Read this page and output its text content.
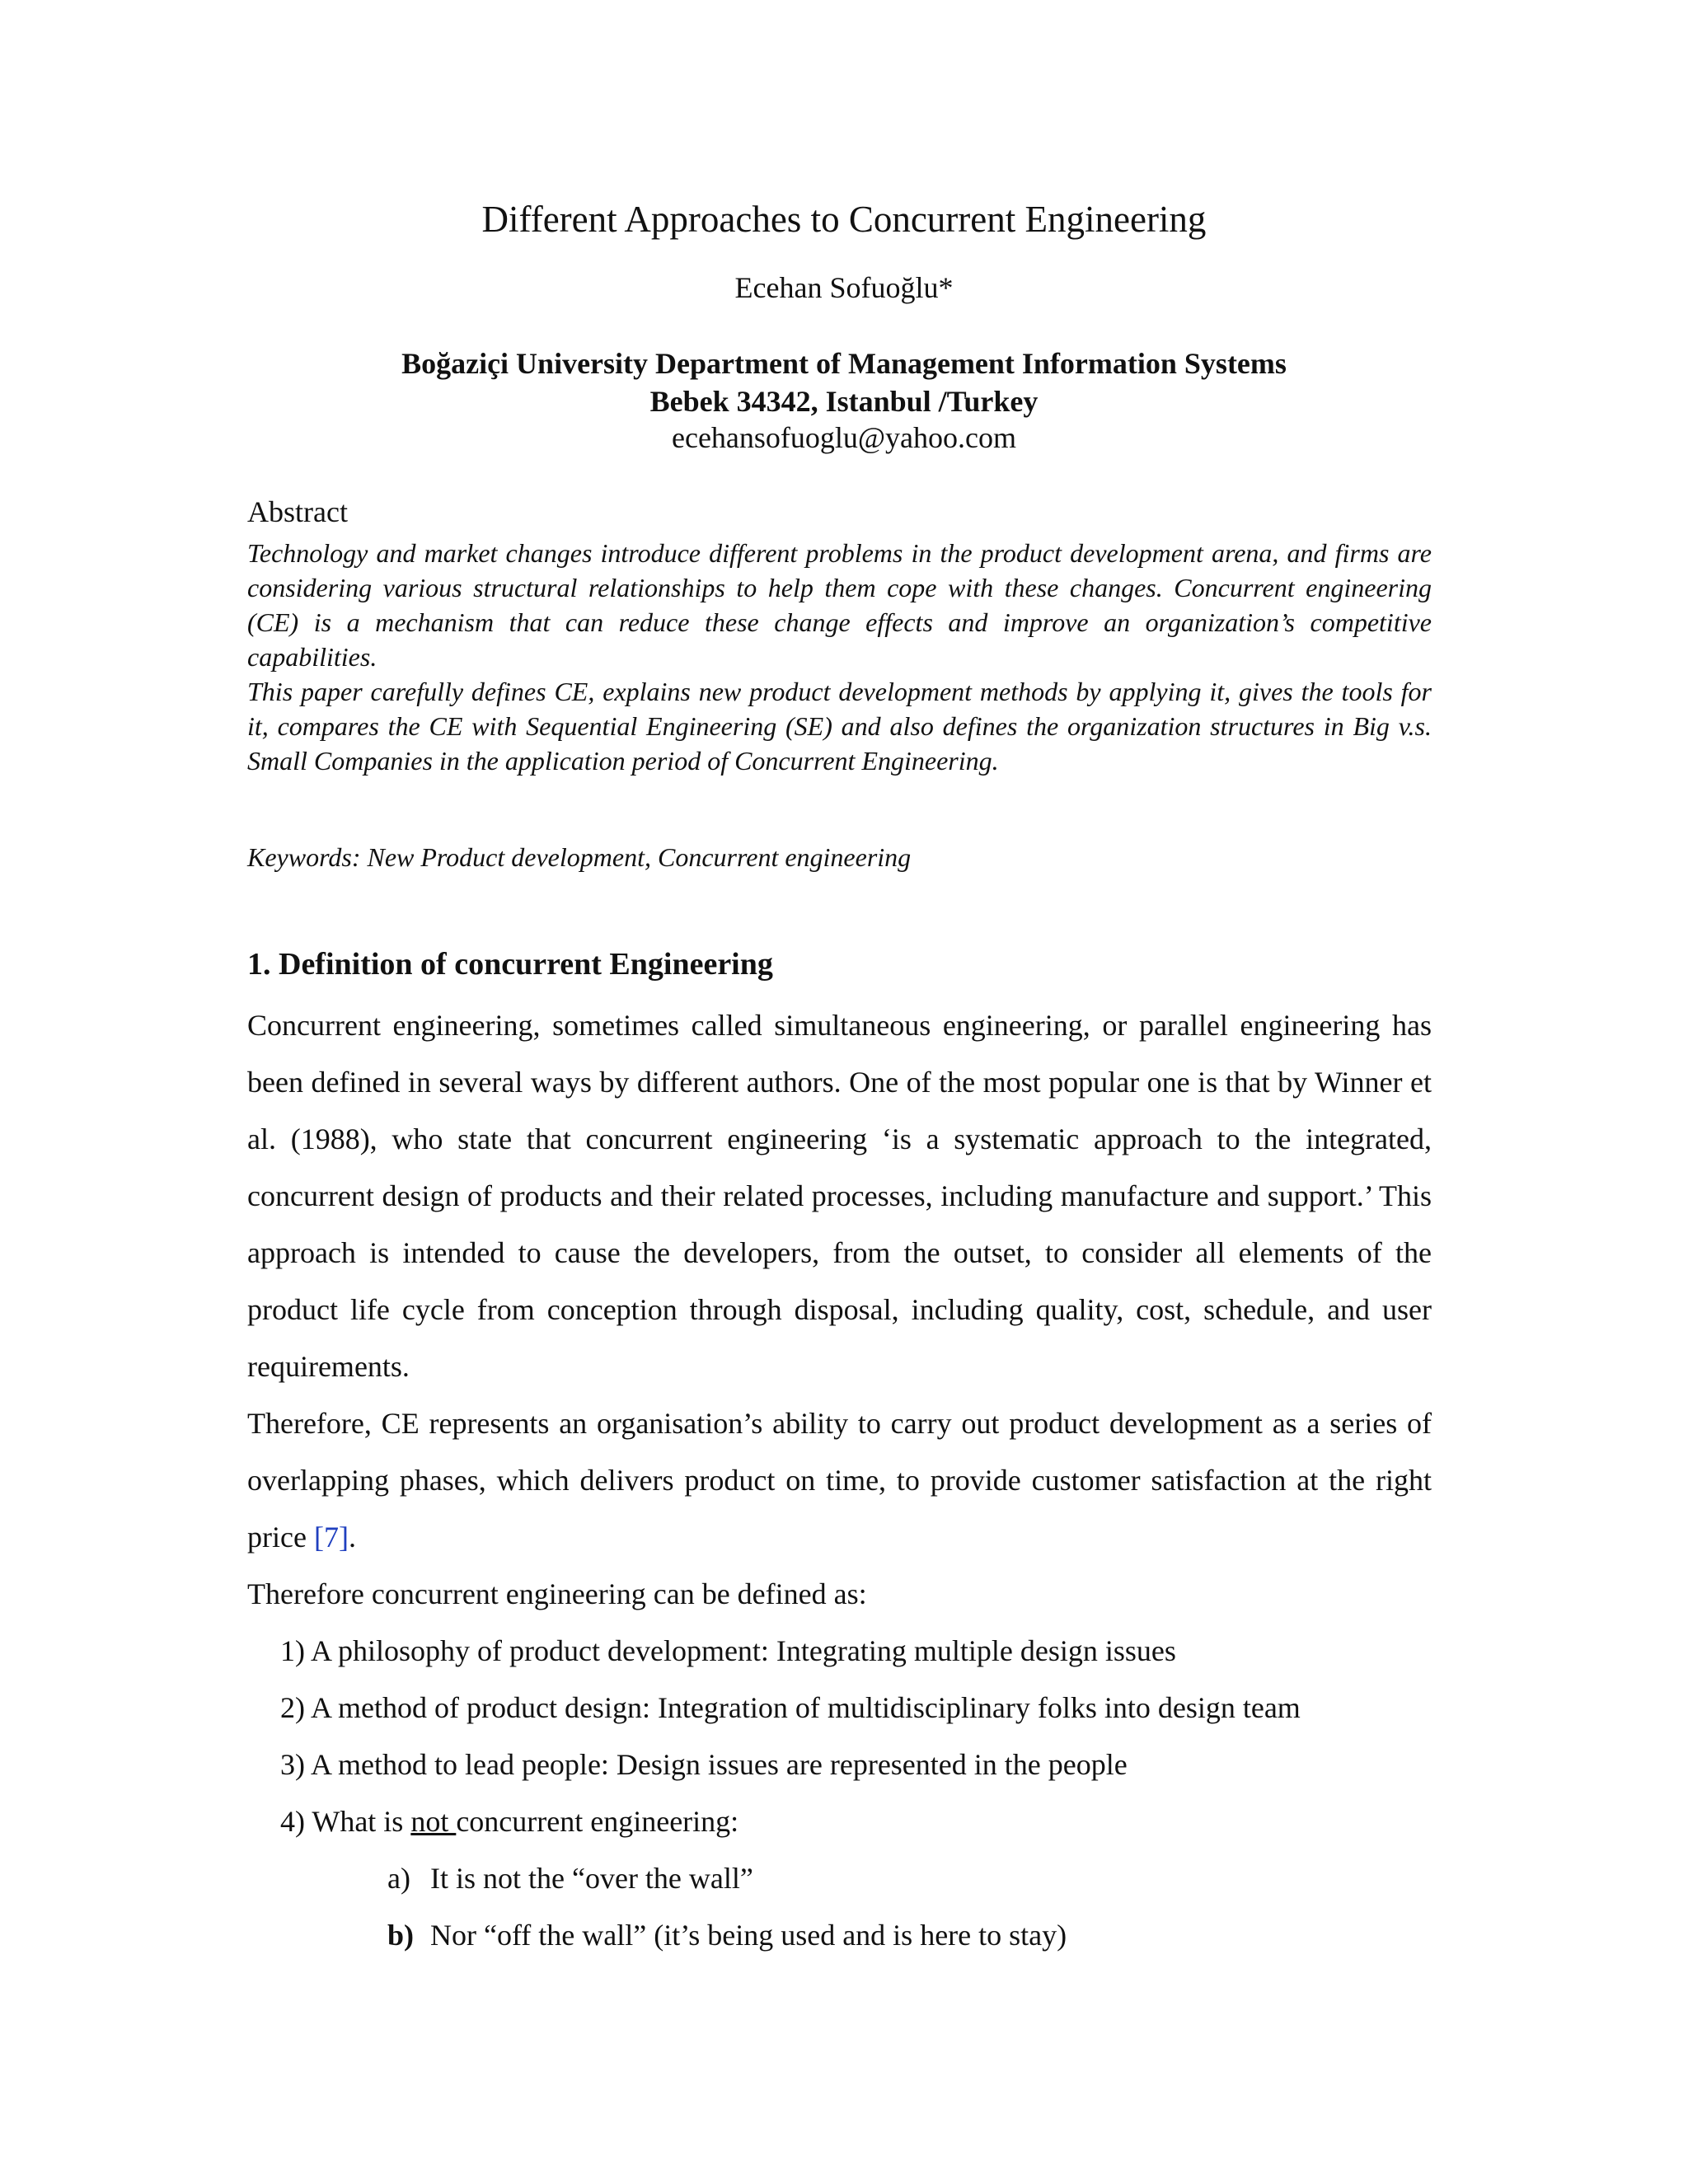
Different Approaches to Concurrent Engineering
Ecehan Sofuoğlu*
Boğaziçi University Department of Management Information Systems
Bebek 34342, Istanbul /Turkey
ecehansofuoglu@yahoo.com
Abstract

Technology and market changes introduce different problems in the product development arena, and firms are considering various structural relationships to help them cope with these changes. Concurrent engineering (CE) is a mechanism that can reduce these change effects and improve an organization’s competitive capabilities.

This paper carefully defines CE, explains new product development methods by applying it, gives the tools for it, compares the CE with Sequential Engineering (SE) and also defines the organization structures in Big v.s. Small Companies in the application period of Concurrent Engineering.

Keywords: New Product development, Concurrent engineering
1. Definition of concurrent Engineering

Concurrent engineering, sometimes called simultaneous engineering, or parallel engineering has been defined in several ways by different authors. One of the most popular one is that by Winner et al. (1988), who state that concurrent engineering ‘is a systematic approach to the integrated, concurrent design of products and their related processes, including manufacture and support.’ This approach is intended to cause the developers, from the outset, to consider all elements of the product life cycle from conception through disposal, including quality, cost, schedule, and user requirements.

Therefore, CE represents an organisation’s ability to carry out product development as a series of overlapping phases, which delivers product on time, to provide customer satisfaction at the right price [7].

Therefore concurrent engineering can be defined as:

1) A philosophy of product development: Integrating multiple design issues

2) A method of product design: Integration of multidisciplinary folks into design team

3) A method to lead people: Design issues are represented in the people

4) What is not concurrent engineering:

a) It is not the “over the wall”

b) Nor “off the wall” (it’s being used and is here to stay)
